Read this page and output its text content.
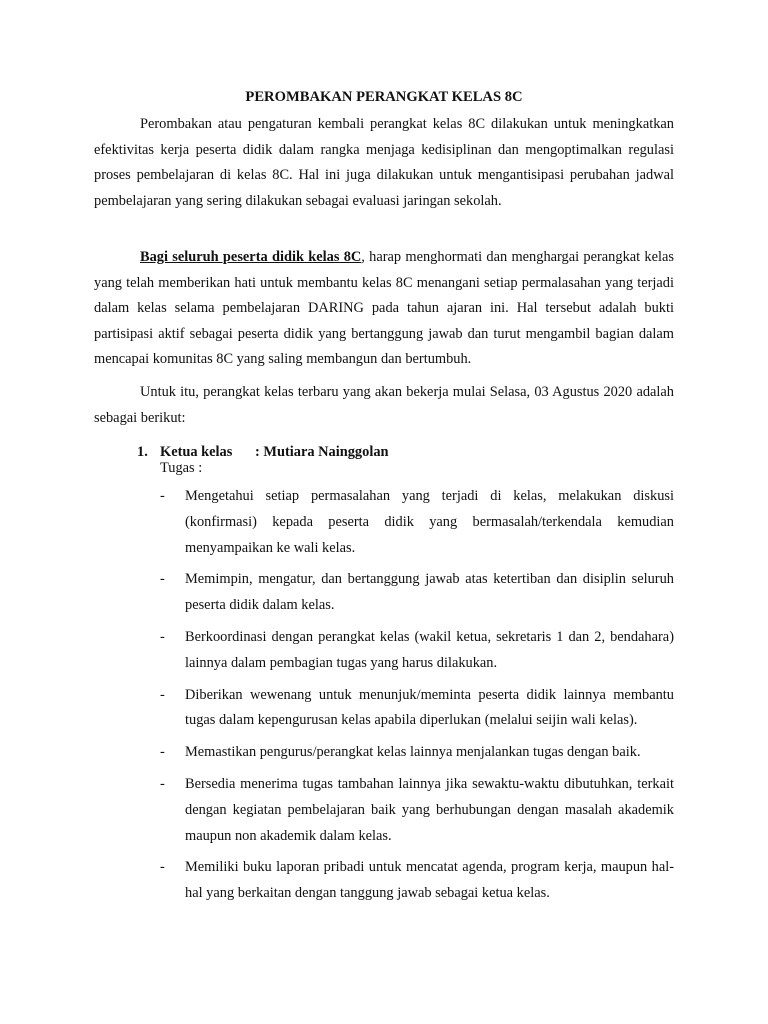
PEROMBAKAN PERANGKAT KELAS 8C

Perombakan atau pengaturan kembali perangkat kelas 8C dilakukan untuk meningkatkan efektivitas kerja peserta didik dalam rangka menjaga kedisiplinan dan mengoptimalkan regulasi proses pembelajaran di kelas 8C. Hal ini juga dilakukan untuk mengantisipasi perubahan jadwal pembelajaran yang sering dilakukan sebagai evaluasi jaringan sekolah.

Bagi seluruh peserta didik kelas 8C, harap menghormati dan menghargai perangkat kelas yang telah memberikan hati untuk membantu kelas 8C menangani setiap permalasahan yang terjadi dalam kelas selama pembelajaran DARING pada tahun ajaran ini. Hal tersebut adalah bukti partisipasi aktif sebagai peserta didik yang bertanggung jawab dan turut mengambil bagian dalam mencapai komunitas 8C yang saling membangun dan bertumbuh.

Untuk itu, perangkat kelas terbaru yang akan bekerja mulai Selasa, 03 Agustus 2020 adalah sebagai berikut:

1. Ketua kelas : Mutiara Nainggolan
Tugas :
- Mengetahui setiap permasalahan yang terjadi di kelas, melakukan diskusi (konfirmasi) kepada peserta didik yang bermasalah/terkendala kemudian menyampaikan ke wali kelas.
- Memimpin, mengatur, dan bertanggung jawab atas ketertiban dan disiplin seluruh peserta didik dalam kelas.
- Berkoordinasi dengan perangkat kelas (wakil ketua, sekretaris 1 dan 2, bendahara) lainnya dalam pembagian tugas yang harus dilakukan.
- Diberikan wewenang untuk menunjuk/meminta peserta didik lainnya membantu tugas dalam kepengurusan kelas apabila diperlukan (melalui seijin wali kelas).
- Memastikan pengurus/perangkat kelas lainnya menjalankan tugas dengan baik.
- Bersedia menerima tugas tambahan lainnya jika sewaktu-waktu dibutuhkan, terkait dengan kegiatan pembelajaran baik yang berhubungan dengan masalah akademik maupun non akademik dalam kelas.
- Memiliki buku laporan pribadi untuk mencatat agenda, program kerja, maupun hal-hal yang berkaitan dengan tanggung jawab sebagai ketua kelas.
